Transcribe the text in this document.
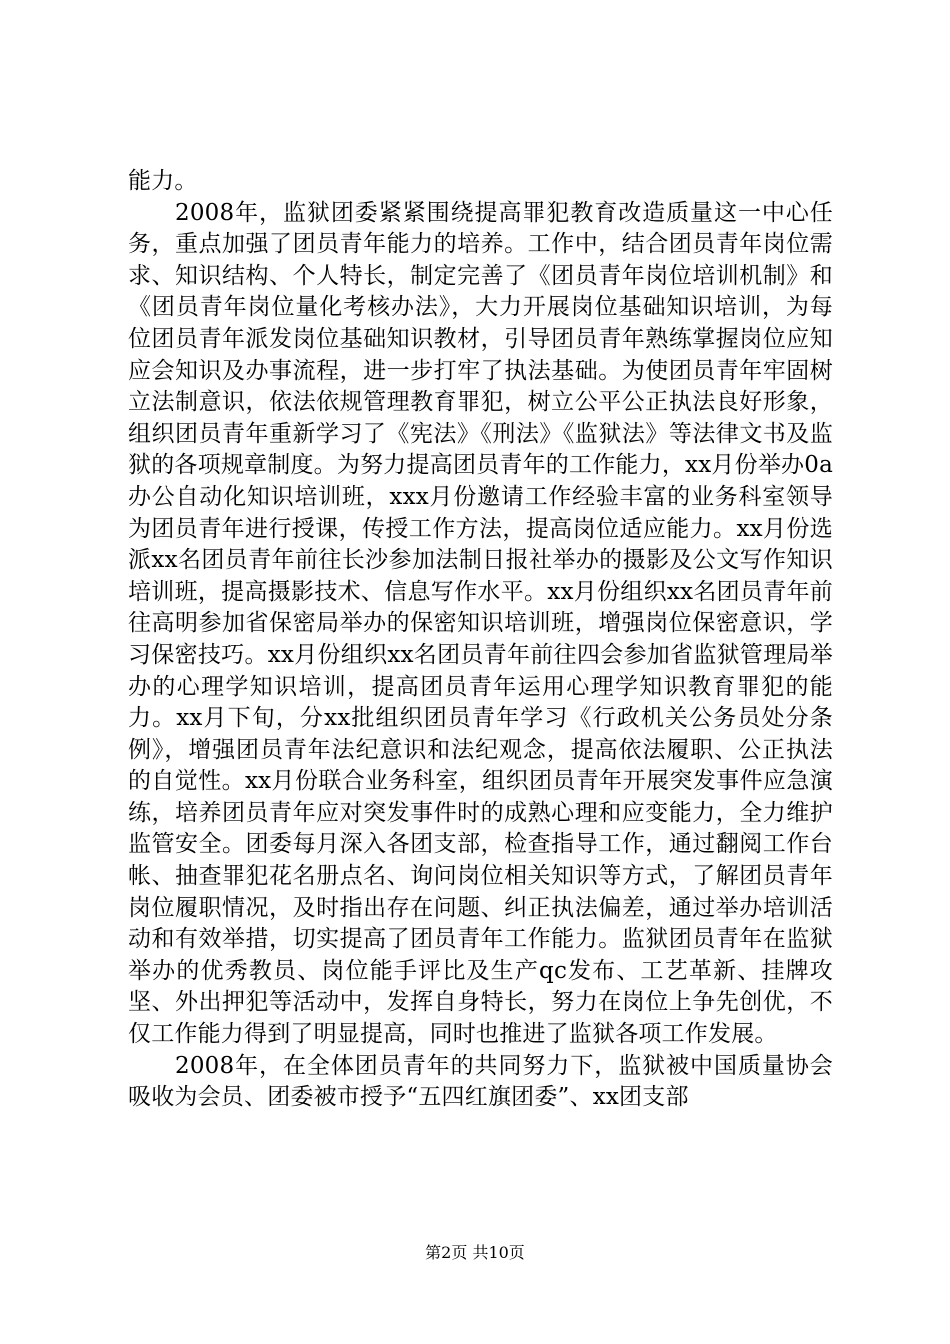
能力。

2008年，监狱团委紧紧围绕提高罪犯教育改造质量这一中心任务，重点加强了团员青年能力的培养。工作中，结合团员青年岗位需求、知识结构、个人特长，制定完善了《团员青年岗位培训机制》和《团员青年岗位量化考核办法》，大力开展岗位基础知识培训，为每位团员青年派发岗位基础知识教材，引导团员青年熟练掌握岗位应知应会知识及办事流程，进一步打牢了执法基础。为使团员青年牢固树立法制意识，依法依规管理教育罪犯，树立公平公正执法良好形象，组织团员青年重新学习了《宪法》《刑法》《监狱法》等法律文书及监狱的各项规章制度。为努力提高团员青年的工作能力，xx月份举办0a办公自动化知识培训班，xxx月份邀请工作经验丰富的业务科室领导为团员青年进行授课，传授工作方法，提高岗位适应能力。xx月份选派xx名团员青年前往长沙参加法制日报社举办的摄影及公文写作知识培训班，提高摄影技术、信息写作水平。xx月份组织xx名团员青年前往高明参加省保密局举办的保密知识培训班，增强岗位保密意识，学习保密技巧。xx月份组织xx名团员青年前往四会参加省监狱管理局举办的心理学知识培训，提高团员青年运用心理学知识教育罪犯的能力。xx月下旬，分xx批组织团员青年学习《行政机关公务员处分条例》，增强团员青年法纪意识和法纪观念，提高依法履职、公正执法的自觉性。xx月份联合业务科室，组织团员青年开展突发事件应急演练，培养团员青年应对突发事件时的成熟心理和应变能力，全力维护监管安全。团委每月深入各团支部，检查指导工作，通过翻阅工作台帐、抽查罪犯花名册点名、询问岗位相关知识等方式，了解团员青年岗位履职情况，及时指出存在问题、纠正执法偏差，通过举办培训活动和有效举措，切实提高了团员青年工作能力。监狱团员青年在监狱举办的优秀教员、岗位能手评比及生产qc发布、工艺革新、挂牌攻坚、外出押犯等活动中，发挥自身特长，努力在岗位上争先创优，不仅工作能力得到了明显提高，同时也推进了监狱各项工作发展。

2008年，在全体团员青年的共同努力下，监狱被中国质量协会吸收为会员、团委被市授予“五四红旗团委”、xx团支部

第2页 共10页
